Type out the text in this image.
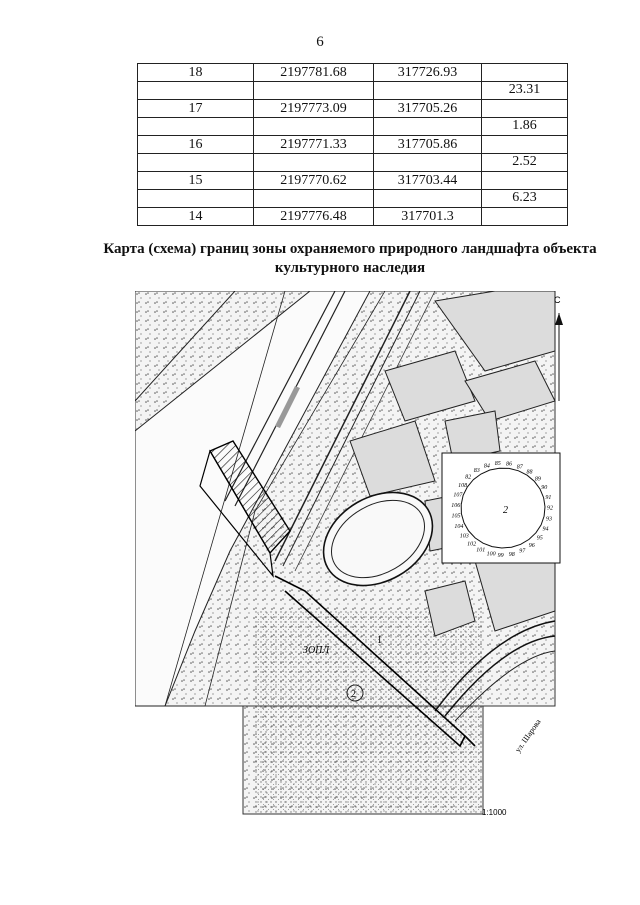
6
18	2197781.68	317726.93	
			23.31
17	2197773.09	317705.26	
			1.86
16	2197771.33	317705.86	
			2.52
15	2197770.62	317703.44	
			6.23
14	2197776.48	317701.3	
Карта (схема) границ зоны охраняемого природного ландшафта объекта культурного наследия
ЗОПЛ
1
2
ул. Шарова
1:1000
С
82
83
84 85 86 87
88
89
90
91
92
93
94
95
96
97
98
99
100
101
102
103
104
105
106
107
108
2
